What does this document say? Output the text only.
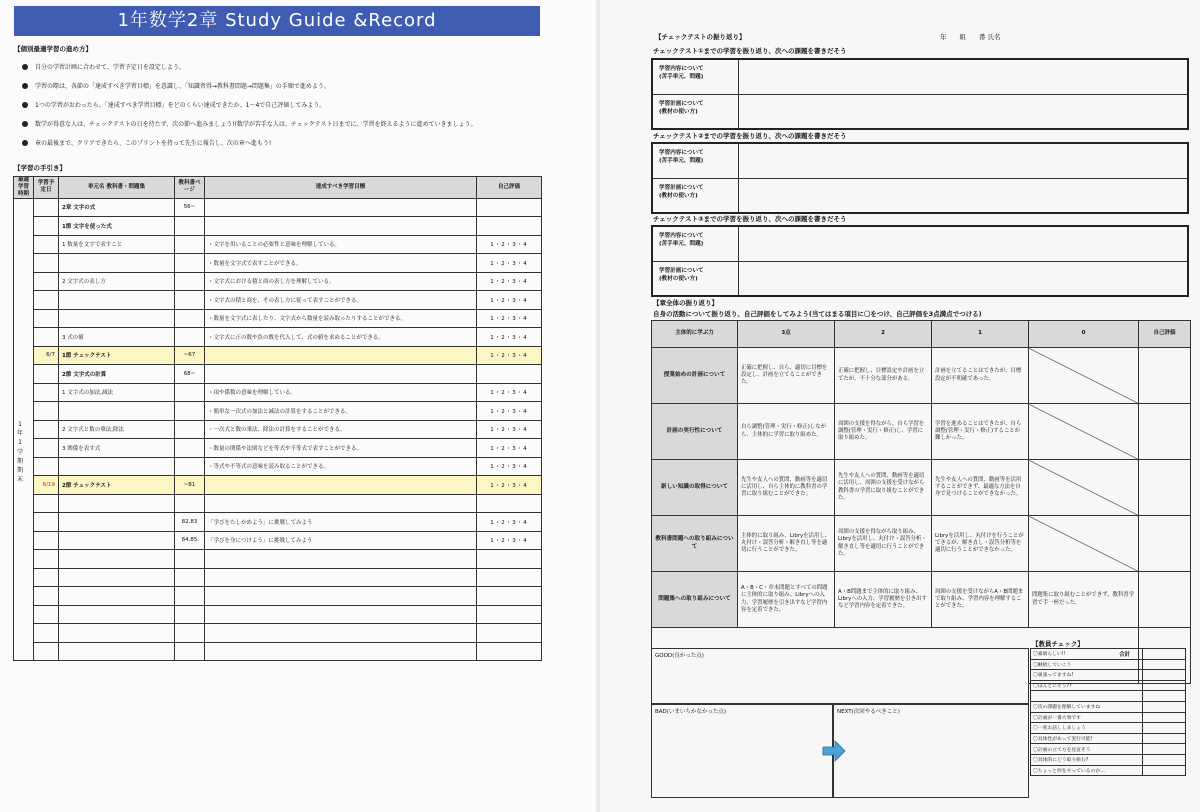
1年数学2章 Study Guide &Record
【個別最適学習の進め方】
自分の学習計画に合わせて、学習予定日を設定しよう。
学習の際は、各節の「達成すべき学習目標」を意識し、「知識習得→教科書問題→問題集」の手順で進めよう。
1つの学習がおわったら、「達成すべき学習目標」をどのくらい達成できたか、1～4で自己評価してみよう。
数学が得意な人は、チェックテストの日を待たず、次の節へ進みましょう!!数学が苦手な人は、チェックテスト日までに、学習を終えるように進めていきましょう。
章の最後まで、クリアできたら、このプリントを持って先生に報告し、次の章へ進もう!
【学習の手引き】
最適学習時期	学習予定日	単元名 教科書・問題集	教科書ページ	達成すべき学習目標	自己評価
		2章 文字の式	56~		
		1節 文字を使った式			
		1 数量を文字で表すこと		・文字を用いることの必要性と意味を理解している。	1・2・3・4
				・数量を文字式で表すことができる。	1・2・3・4
		2 文字式の表し方		・文字式における積と商の表し方を理解している。	1・2・3・4
				・文字式の積と商を、その表し方に従って表すことができる。	1・2・3・4
				・数量を文字式に表したり、文字式から数量を読み取ったりすることができる。	1・2・3・4
		3 式の値		・文字式に正の数や負の数を代入して、式の値を求めることができる。	1・2・3・4
	6/7	1節 チェックテスト	~67		1・2・3・4
		2節 文字式の計算	68~		
		1 文字式の加法,減法		・項や係数の意味を理解している。	1・2・3・4
				・簡単な一次式の加法と減法の計算をすることができる。	1・2・3・4
		2 文字式と数の乗法,除法		・一次式と数の乗法、除法の計算をすることができる。	1・2・3・4
		3 関係を表す式		・数量の関係や法則などを等式や不等式で表すことができる。	1・2・3・4
				・等式や不等式の意味を読み取ることができる。	1・2・3・4
	6/19	2節 チェックテスト	~81		1・2・3・4

			82.83	「学びをたしかめよう」に挑戦してみよう	1・2・3・4
			84.85	「学びを身につけよう」に挑戦してみよう	1・2・3・4

1
年
1
学
期
期
末
【チェックテストの振り返り】	年　　組　　番 氏名
チェックテスト①までの学習を振り返り、次への課題を書きだそう
学習内容について
(苦手単元、問題)
学習計画について
(教材の使い方)
チェックテスト②までの学習を振り返り、次への課題を書きだそう
学習内容について
(苦手単元、問題)
学習計画について
(教材の使い方)
チェックテスト③までの学習を振り返り、次への課題を書きだそう
学習内容について
(苦手単元、問題)
学習計画について
(教材の使い方)
【章全体の振り返り】
自身の活動について振り返り、自己評価をしてみよう(当てはまる項目に〇をつけ、自己評価を3点満点でつける)
主体的に学ぶ力	3点	2	1	0	自己評価
授業始めの計画について	正確に把握し、自ら、適切に目標を設定し、計画を立てることができた。	正確に把握し、目標設定や計画を立てたが、不十分な部分がある。	計画を立てることはできたが、目標設定が不明確であった。		
計画の実行性について	自ら調整(管理・実行・修正)しながら、主体的に学習に取り組めた。	周囲の支援を得ながら、自ら学習を調整(管理・実行・修正)し、学習に取り組めた。	学習を進めることはできたが、自ら調整(管理・実行・修正)することが難しかった。		
新しい知識の取得について	先生や友人への質問、動画等を適切に活用し、自ら主体的に教科書の学習に取り組むことができた。	先生や友人への質問、動画等を適切に活用し、周囲の支援を受けながら教科書の学習に取り組むことができた。	先生や友人への質問、動画等を活用することができず、最適な方法を自身で見つけることができなかった。		
教科書問題への取り組みについて	主体的に取り組み、Libryを活用し、丸付け・誤答分析・解き直し等を適切に行うことができた。	周囲の支援を得ながら取り組み、Libryを活用し、丸付け・誤答分析・解き直し等を適切に行うことができた。	Libryを活用し、丸付けを行うことができるが、解き直し・誤答分析等を適切に行うことができなかった。		
問題集への取り組みについて	A・B・C・章末問題とすべての問題に主体的に取り組み、Libryへの入力、学習履歴を引き出すなど学習内容を定着できた。	A・B問題まで主体的に取り組み、Libryへの入力、学習履歴を引き出すなど学習内容を定着できた。	周囲の支援を受けながらA・B問題まで取り組み、学習内容を理解することができた。	問題集に取り組むことができず、教科書学習で手一杯だった。	
合計					
【教員チェック】
GOOD(良かった点)
BAD(いまいちかなかった点)	NEXT(次回やるべきこと)
〇素晴らしい!!	
〇継続していこう	
〇頑張ってますね!	
〇ほんとにそう??	

〇次の課題を理解していますね	
〇計画が一番大事です	
〇一度お話ししましょう	
〇具体性があって実行可能!	
〇計画の立て方を見直そう	
〇具体的にどう取り組む?	
〇ちょっと何をやっているのか…	
